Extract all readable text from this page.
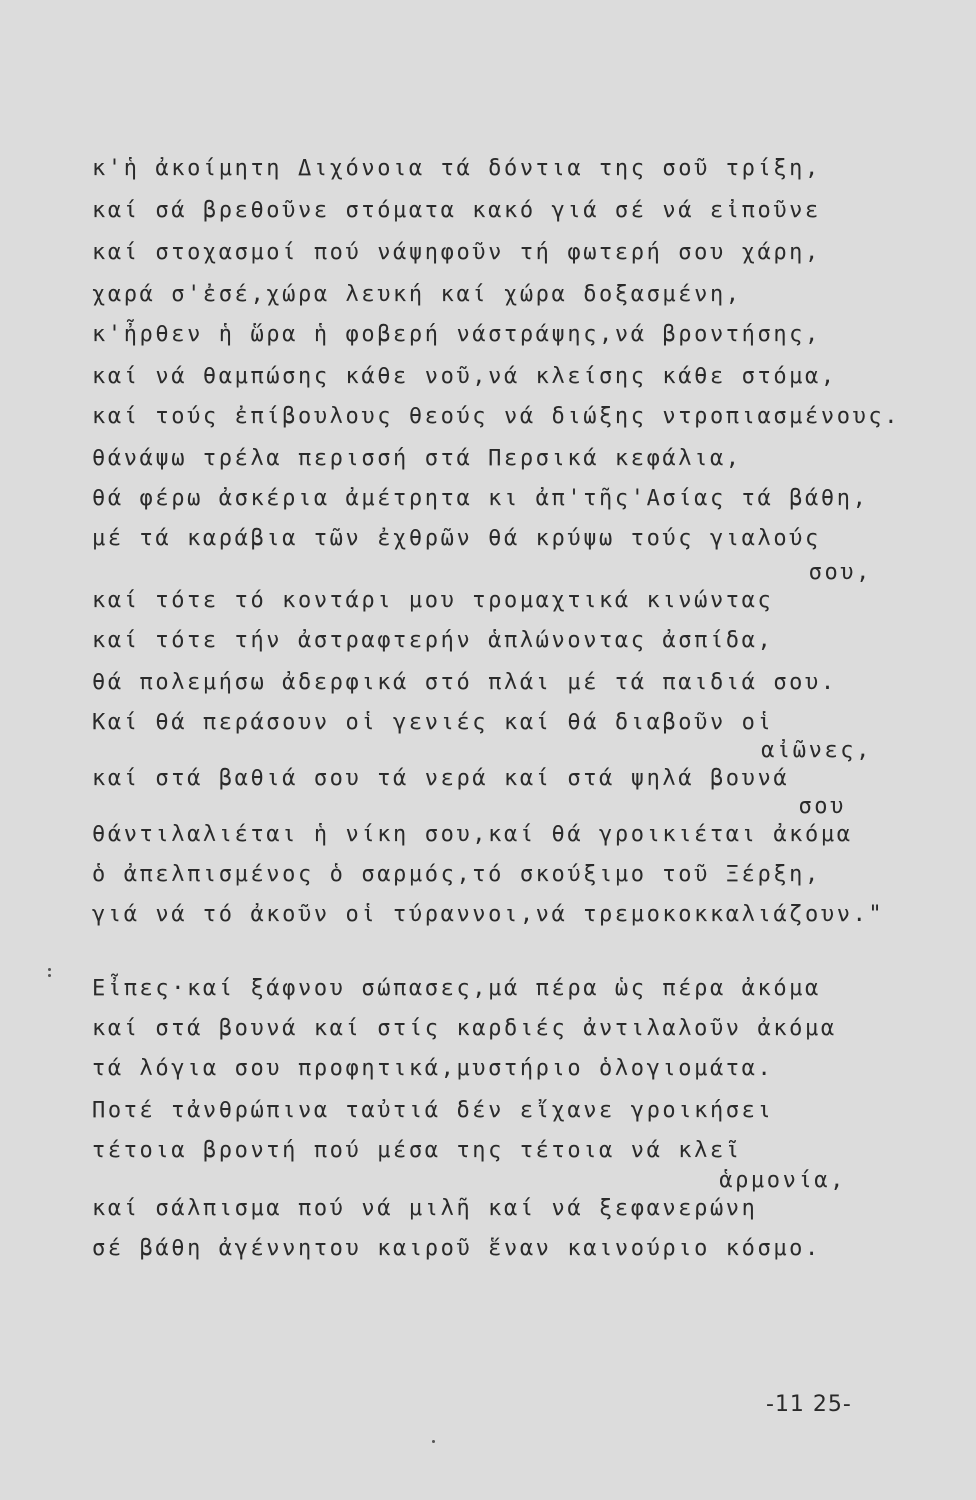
κ'ἡ ἀκοίμητη Διχόνοια τά δόντια της σοῦ τρίξη,
καί σά βρεθοῦνε στόματα κακό γιά σέ νά εἰποῦνε
καί στοχασμοί πού νάψηφοῦν τή φωτερή σου χάρη,
χαρά σ'ἐσέ,χώρα λευκή καί χώρα δοξασμένη,
κ'ἦρθεν ἡ ὥρα ἡ φοβερή νάστράψης,νά βροντήσης,
καί νά θαμπώσης κάθε νοῦ,νά κλείσης κάθε στόμα,
καί τούς ἐπίβουλους θεούς νά διώξης ντροπιασμένους.
θάνάψω τρέλα περισσή στά Περσικά κεφάλια,
θά φέρω ἀσκέρια ἀμέτρητα κι ἀπ'τῆς'Ασίας τά βάθη,
μέ τά καράβια τῶν ἐχθρῶν θά κρύψω τούς γιαλούς
σου,
καί τότε τό κοντάρι μου τρομαχτικά κινώντας
καί τότε τήν ἀστραφτερήν ἁπλώνοντας ἀσπίδα,
θά πολεμήσω ἀδερφικά στό πλάι μέ τά παιδιά σου.
Καί θά περάσουν οἱ γενιές καί θά διαβοῦν οἱ
αἰῶνες,
καί στά βαθιά σου τά νερά καί στά ψηλά βουνά
σου
θάντιλαλιέται ἡ νίκη σου,καί θά γροικιέται ἀκόμα
ὁ ἀπελπισμένος ὁ σαρμός,τό σκούξιμο τοῦ Ξέρξη,
γιά νά τό ἀκοῦν οἱ τύραννοι,νά τρεμοκοκκαλιάζουν."
Εἶπες·καί ξάφνου σώπασες,μά πέρα ὡς πέρα ἀκόμα
καί στά βουνά καί στίς καρδιές ἀντιλαλοῦν ἀκόμα
τά λόγια σου προφητικά,μυστήριο ὁλογιομάτα.
Ποτέ τἀνθρώπινα ταὐτιά δέν εἴχανε γροικήσει
τέτοια βροντή πού μέσα της τέτοια νά κλεῖ
ἁρμονία,
καί σάλπισμα πού νά μιλῆ καί νά ξεφανερώνη
σέ βάθη ἀγέννητου καιροῦ ἕναν καινούριο κόσμο.
-11 25-
